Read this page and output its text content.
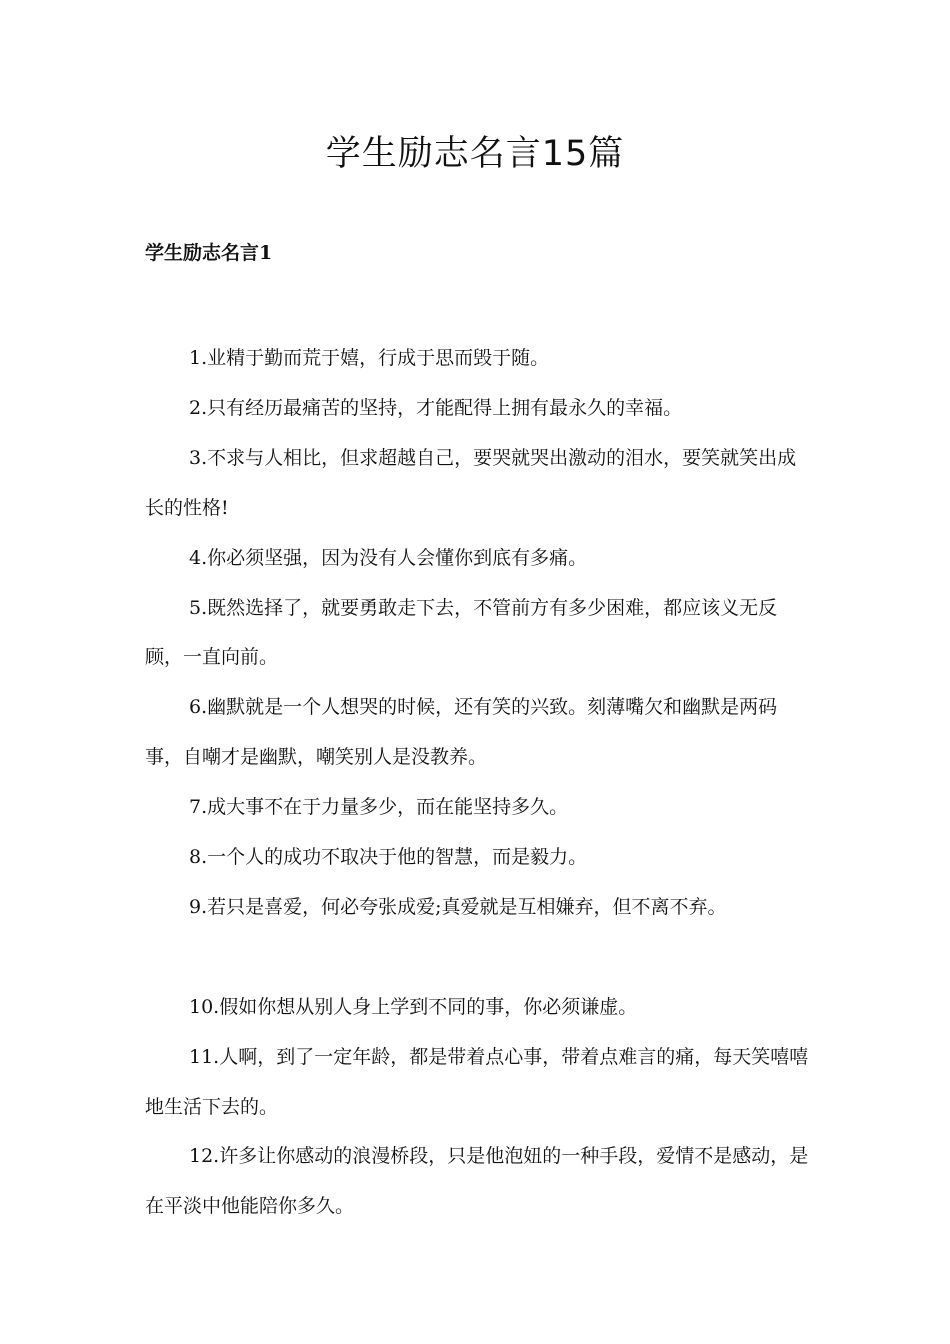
学生励志名言15篇
学生励志名言1

1.业精于勤而荒于嬉，行成于思而毁于随。

2.只有经历最痛苦的坚持，才能配得上拥有最永久的幸福。

3.不求与人相比，但求超越自己，要哭就哭出激动的泪水，要笑就笑出成长的性格!

4.你必须坚强，因为没有人会懂你到底有多痛。

5.既然选择了，就要勇敢走下去，不管前方有多少困难，都应该义无反顾，一直向前。

6.幽默就是一个人想哭的时候，还有笑的兴致。刻薄嘴欠和幽默是两码事，自嘲才是幽默，嘲笑别人是没教养。

7.成大事不在于力量多少，而在能坚持多久。

8.一个人的成功不取决于他的智慧，而是毅力。

9.若只是喜爱，何必夸张成爱;真爱就是互相嫌弃，但不离不弃。

10.假如你想从别人身上学到不同的事，你必须谦虚。

11.人啊，到了一定年龄，都是带着点心事，带着点难言的痛，每天笑嘻嘻地生活下去的。

12.许多让你感动的浪漫桥段，只是他泡妞的一种手段，爱情不是感动，是在平淡中他能陪你多久。
